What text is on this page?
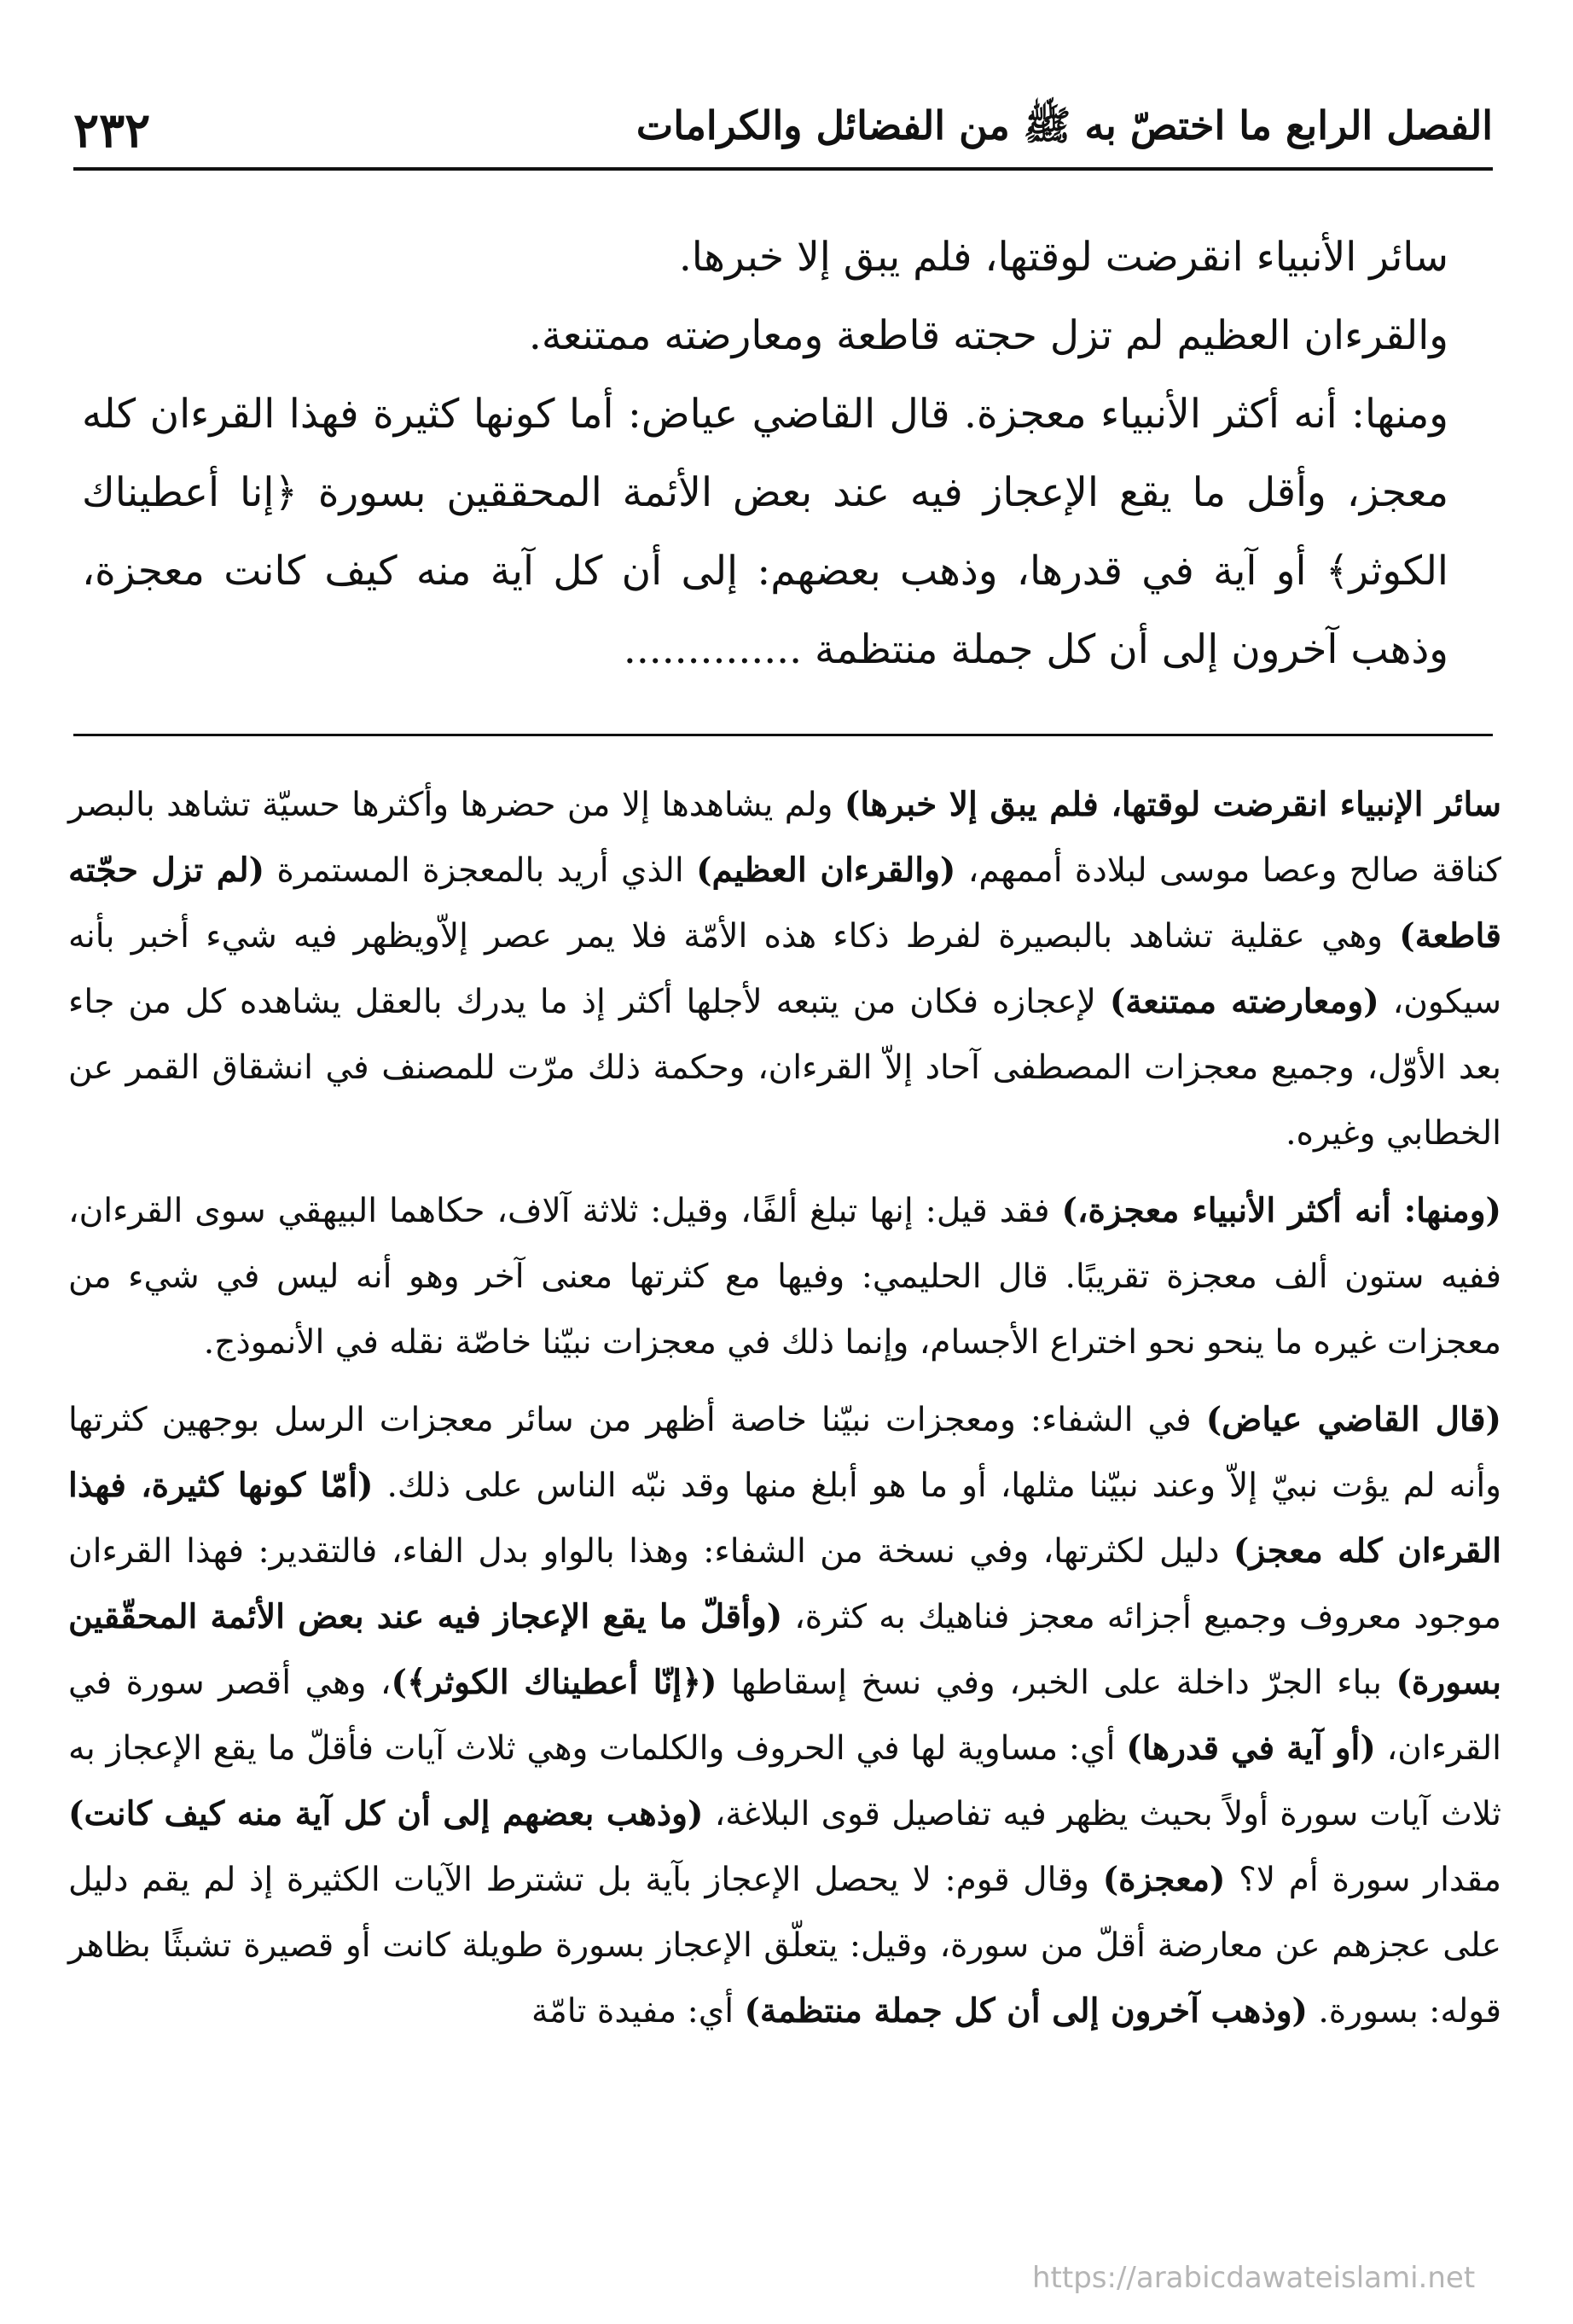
الفصل الرابع ما اختصّ به ﷺ من الفضائل والكرامات
٢٣٢

سائر الأنبياء انقرضت لوقتها، فلم يبق إلا خبرها.

والقرءان العظيم لم تزل حجته قاطعة ومعارضته ممتنعة.

ومنها: أنه أكثر الأنبياء معجزة. قال القاضي عياض: أما كونها كثيرة فهذا القرءان كله معجز، وأقل ما يقع الإعجاز فيه عند بعض الأئمة المحققين بسورة ﴿إنا أعطيناك الكوثر﴾ أو آية في قدرها، وذهب بعضهم: إلى أن كل آية منه كيف كانت معجزة، وذهب آخرون إلى أن كل جملة منتظمة ..............

سائر الإنبياء انقرضت لوقتها، فلم يبق إلا خبرها) ولم يشاهدها إلا من حضرها وأكثرها حسيّة تشاهد بالبصر كناقة صالح وعصا موسى لبلادة أممهم، (والقرءان العظيم) الذي أريد بالمعجزة المستمرة (لم تزل حجّته قاطعة) وهي عقلية تشاهد بالبصيرة لفرط ذكاء هذه الأمّة فلا يمر عصر إلاّويظهر فيه شيء أخبر بأنه سيكون، (ومعارضته ممتنعة) لإعجازه فكان من يتبعه لأجلها أكثر إذ ما يدرك بالعقل يشاهده كل من جاء بعد الأوّل، وجميع معجزات المصطفى آحاد إلاّ القرءان، وحكمة ذلك مرّت للمصنف في انشقاق القمر عن الخطابي وغيره.

(ومنها: أنه أكثر الأنبياء معجزة،) فقد قيل: إنها تبلغ ألفًا، وقيل: ثلاثة آلاف، حكاهما البيهقي سوى القرءان، ففيه ستون ألف معجزة تقريبًا. قال الحليمي: وفيها مع كثرتها معنى آخر وهو أنه ليس في شيء من معجزات غيره ما ينحو نحو اختراع الأجسام، وإنما ذلك في معجزات نبيّنا خاصّة نقله في الأنموذج.

(قال القاضي عياض) في الشفاء: ومعجزات نبيّنا خاصة أظهر من سائر معجزات الرسل بوجهين كثرتها وأنه لم يؤت نبيّ إلاّ وعند نبيّنا مثلها، أو ما هو أبلغ منها وقد نبّه الناس على ذلك. (أمّا كونها كثيرة، فهذا القرءان كله معجز) دليل لكثرتها، وفي نسخة من الشفاء: وهذا بالواو بدل الفاء، فالتقدير: فهذا القرءان موجود معروف وجميع أجزائه معجز فناهيك به كثرة، (وأقلّ ما يقع الإعجاز فيه عند بعض الأئمة المحقّقين بسورة) بباء الجرّ داخلة على الخبر، وفي نسخ إسقاطها (﴿إنّا أعطيناك الكوثر﴾)، وهي أقصر سورة في القرءان، (أو آية في قدرها) أي: مساوية لها في الحروف والكلمات وهي ثلاث آيات فأقلّ ما يقع الإعجاز به ثلاث آيات سورة أولاً بحيث يظهر فيه تفاصيل قوى البلاغة، (وذهب بعضهم إلى أن كل آية منه كيف كانت) مقدار سورة أم لا؟ (معجزة) وقال قوم: لا يحصل الإعجاز بآية بل تشترط الآيات الكثيرة إذ لم يقم دليل على عجزهم عن معارضة أقلّ من سورة، وقيل: يتعلّق الإعجاز بسورة طويلة كانت أو قصيرة تشبثًا بظاهر قوله: بسورة. (وذهب آخرون إلى أن كل جملة منتظمة) أي: مفيدة تامّة

https://arabicdawateislami.net
